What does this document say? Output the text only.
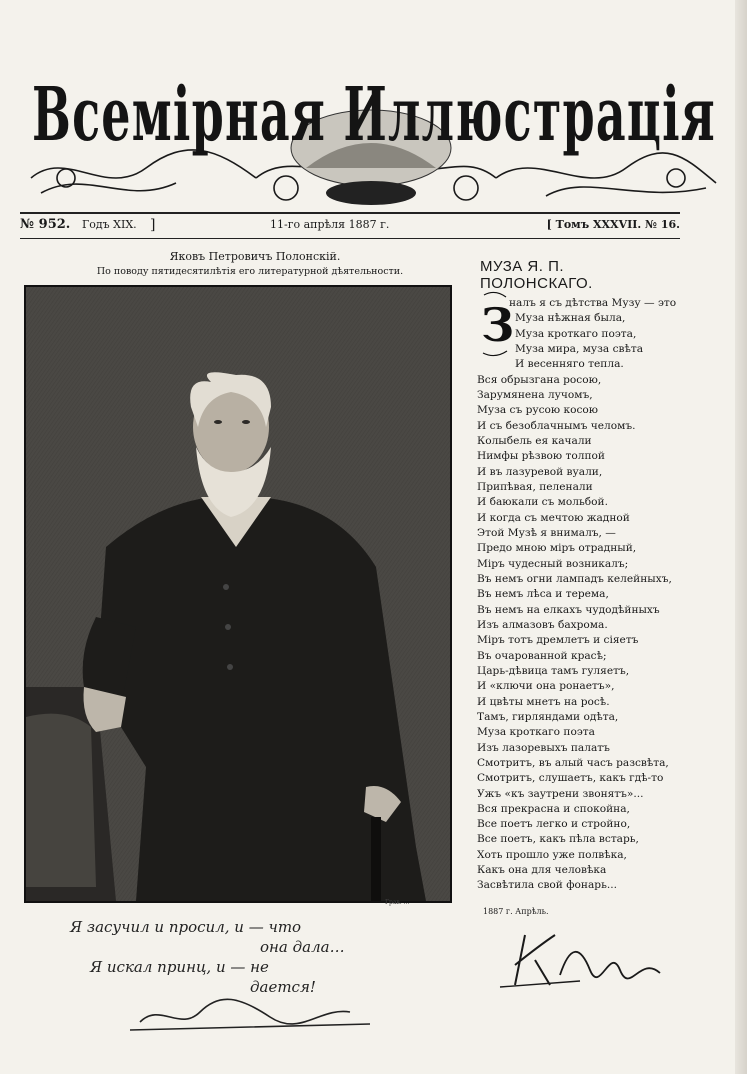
Всемірная Иллюстрація
№ 952. Годъ XIX. ]	11-го апрѣля 1887 г.	[ Томъ XXXVII. № 16.
Яковъ Петровичъ Полонскій.
По поводу пятидесятилѣтія его литературной дѣятельности.
Грав. …
Я засучил и просил, и — что
она дала…
Я искал принц, и — не
дается!
МУЗА Я. П. ПОЛОНСКАГО.
З
налъ я съ дѣтства Музу — это
Муза нѣжная была,
Муза кроткаго поэта,
Муза мира, муза свѣта
И весенняго тепла.
Вся обрызгана росою,
Зарумянена лучомъ,
Муза съ русою косою
И съ безоблачнымъ челомъ.
Колыбель ея качали
Нимфы рѣзвою толпой
И въ лазуревой вуали,
Припѣвая, пеленали
И баюкали съ мольбой.
И когда съ мечтою жадной
Этой Музѣ я внималъ, —
Предо мною міръ отрадный,
Міръ чудесный возникалъ;
Въ немъ огни лампадъ келейныхъ,
Въ немъ лѣса и терема,
Въ немъ на елкахъ чудодѣйныхъ
Изъ алмазовъ бахрома.
Міръ тотъ дремлетъ и сіяетъ
Въ очарованной красѣ;
Царь-дѣвица тамъ гуляетъ,
И «ключи она ронаетъ»,
И цвѣты мнетъ на росѣ.
Тамъ, гирляндами одѣта,
Муза кроткаго поэта
Изъ лазоревыхъ палатъ
Смотритъ, въ алый часъ разсвѣта,
Смотритъ, слушаетъ, какъ гдѣ-то
Ужъ «къ заутрени звонятъ»...
Вся прекрасна и спокойна,
Все поетъ легко и стройно,
Все поетъ, какъ пѣла встарь,
Хоть прошло уже полвѣка,
Какъ она для человѣка
Засвѣтила свой фонарь...
1887 г. Апрѣль.
